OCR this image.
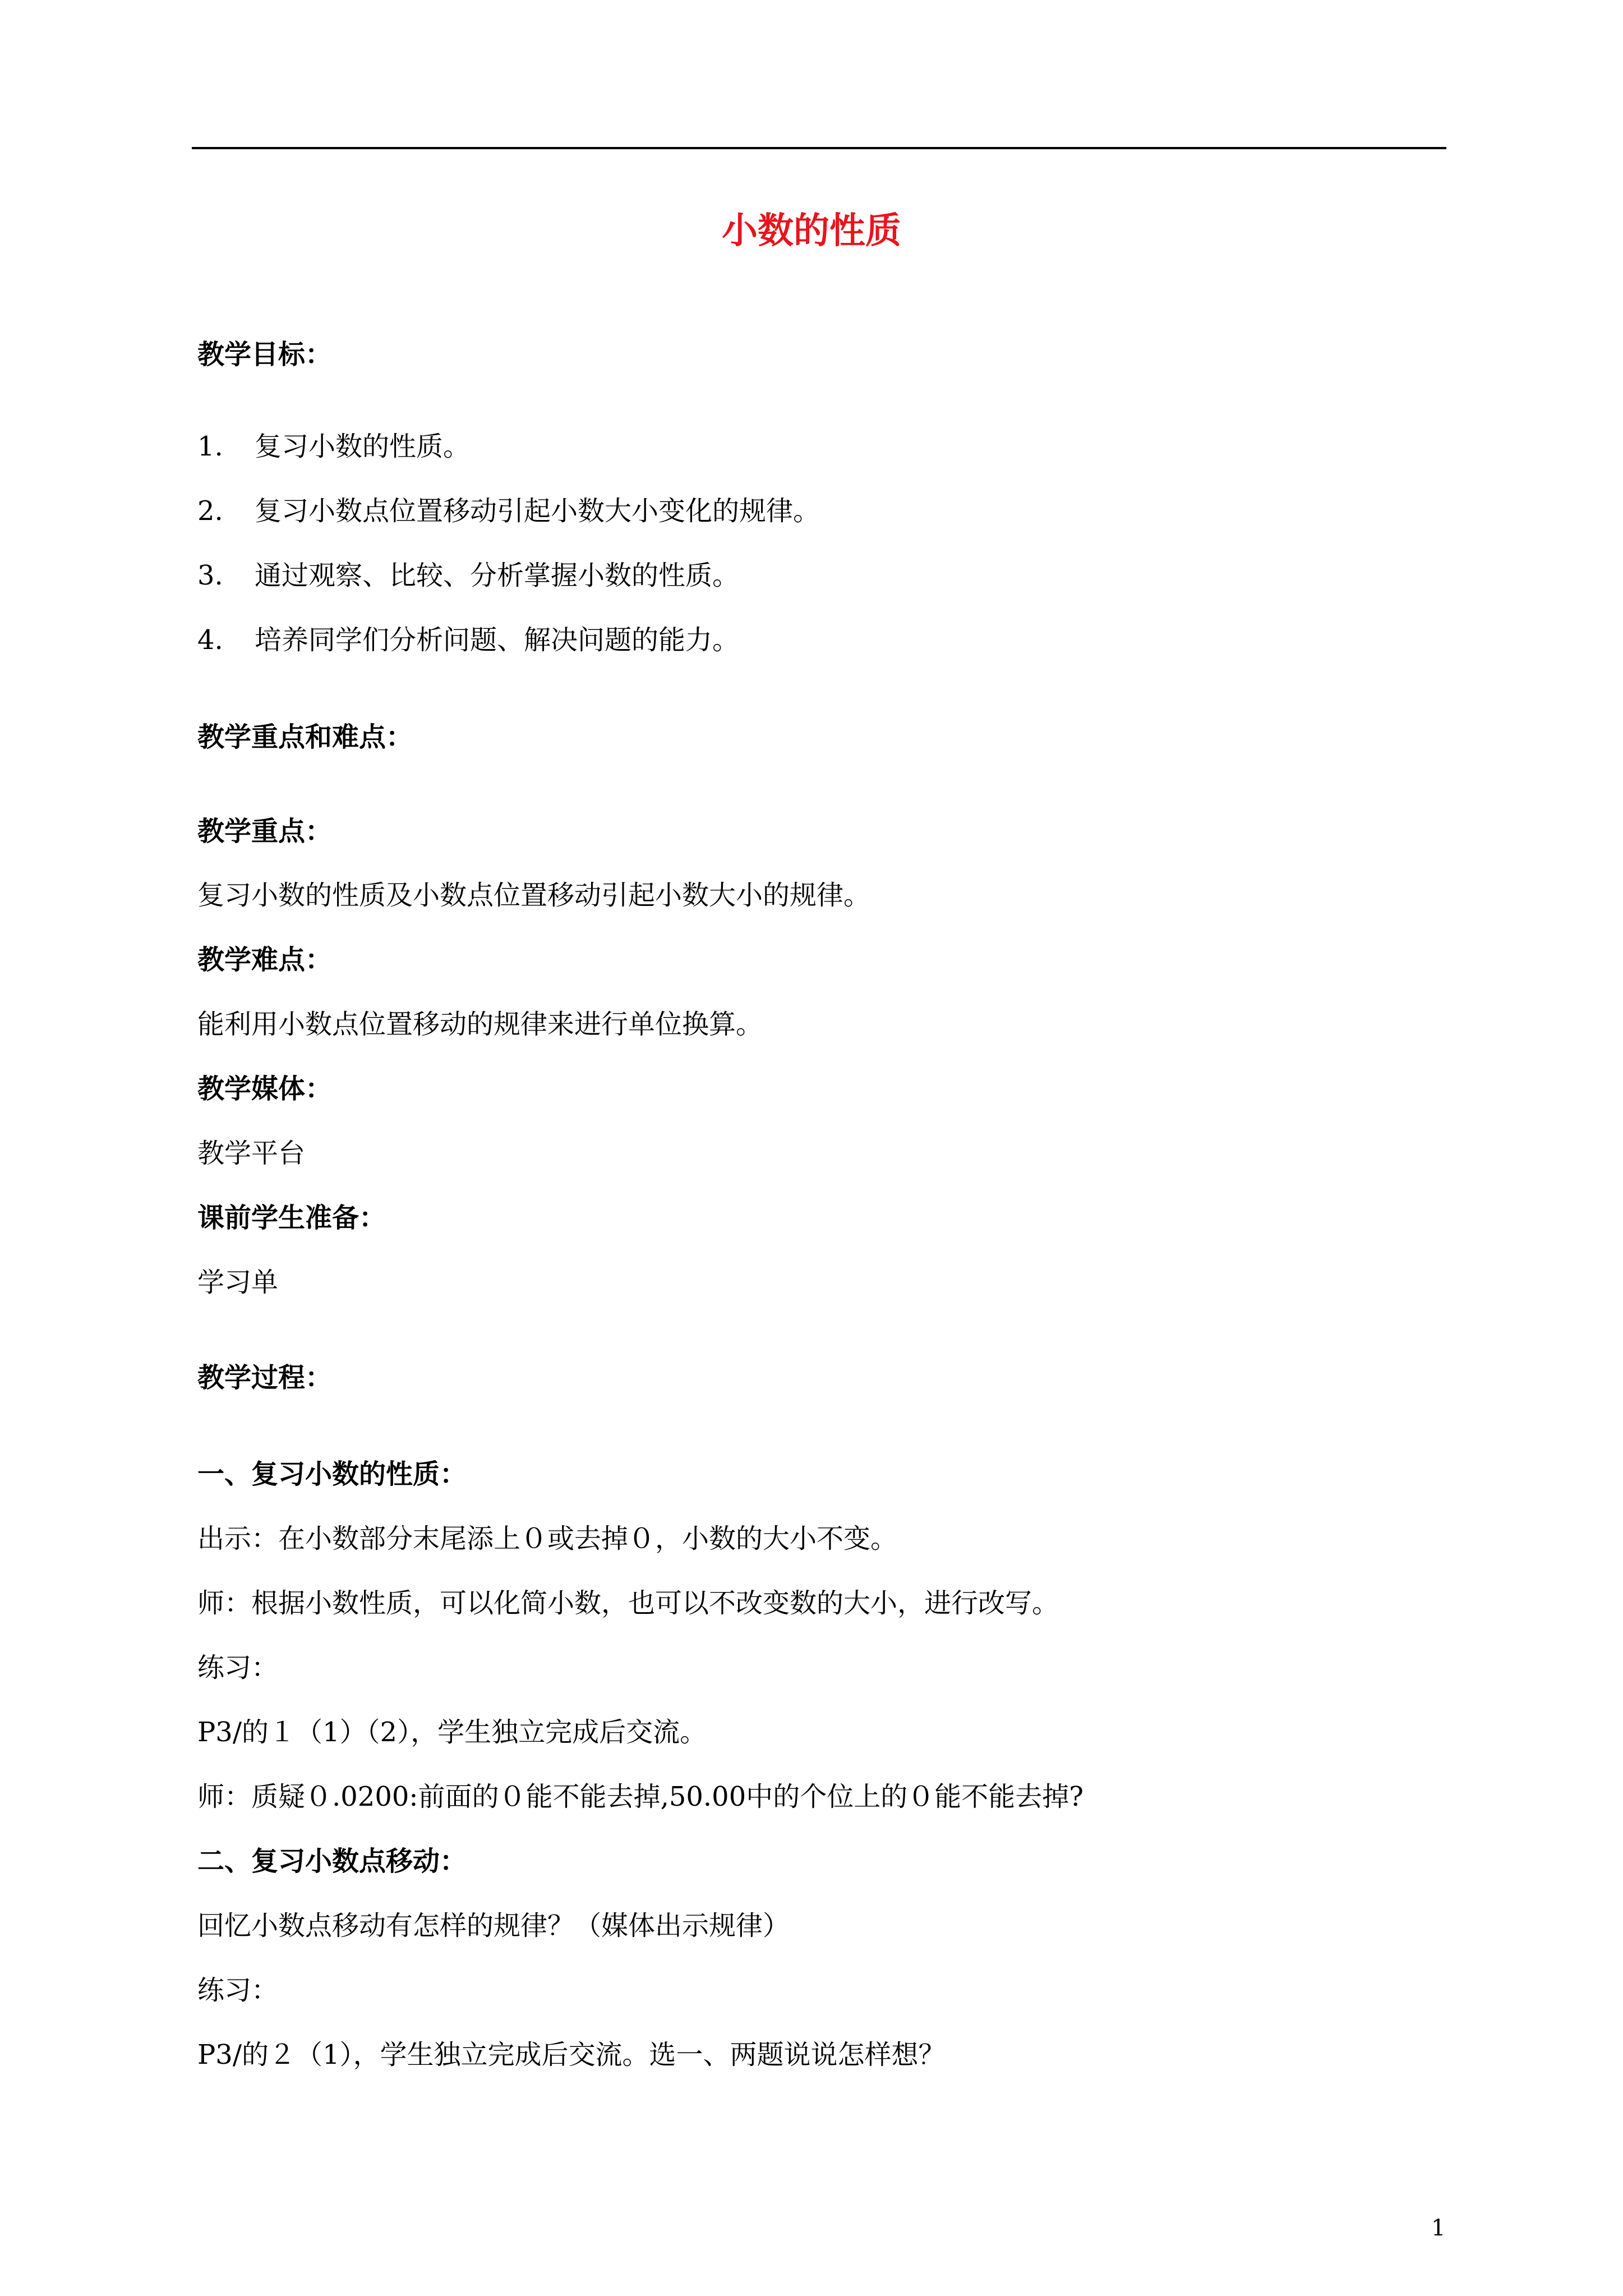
小数的性质
教学目标：
1. 复习小数的性质。
2. 复习小数点位置移动引起小数大小变化的规律。
3. 通过观察、比较、分析掌握小数的性质。
4. 培养同学们分析问题、解决问题的能力。
教学重点和难点：
教学重点：
复习小数的性质及小数点位置移动引起小数大小的规律。
教学难点：
能利用小数点位置移动的规律来进行单位换算。
教学媒体：
教学平台
课前学生准备：
学习单
教学过程：
一、复习小数的性质：
出示：在小数部分末尾添上０或去掉０，小数的大小不变。
师：根据小数性质，可以化简小数，也可以不改变数的大小，进行改写。
练习：
P3/的１（1）（2），学生独立完成后交流。
师：质疑０.0200:前面的０能不能去掉,50.00中的个位上的０能不能去掉?
二、复习小数点移动：
回忆小数点移动有怎样的规律？（媒体出示规律）
练习：
P3/的２（1），学生独立完成后交流。选一、两题说说怎样想？
1
